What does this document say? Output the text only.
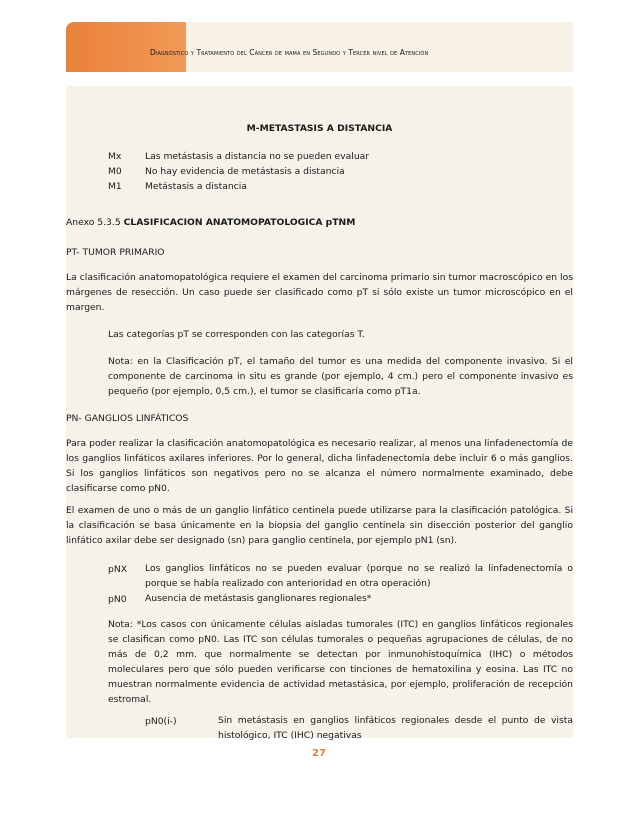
Diagnóstico y Tratamiento del Cáncer de mama en Segundo y Tercer nivel de Atención
M-METASTASIS A DISTANCIA
Mx	Las metástasis a distancia no se pueden evaluar
M0	No hay evidencia de metástasis a distancia
M1	Metástasis a distancia
Anexo 5.3.5 CLASIFICACION ANATOMOPATOLOGICA pTNM
PT- TUMOR PRIMARIO
La clasificación anatomopatológica requiere el examen del carcinoma primario sin tumor macroscópico en los márgenes de resección. Un caso puede ser clasificado como pT si sólo existe un tumor microscópico en el margen.
Las categorías pT se corresponden con las categorías T.
Nota: en la Clasificación pT, el tamaño del tumor es una medida del componente invasivo. Si el componente de carcinoma in situ es grande (por ejemplo, 4 cm.) pero el componente invasivo es pequeño (por ejemplo, 0,5 cm.), el tumor se clasificaría como pT1a.
PN- GANGLIOS LINFÁTICOS
Para poder realizar la clasificación anatomopatológica es necesario realizar, al menos una linfadenectomía de los ganglios linfáticos axilares inferiores. Por lo general, dicha linfadenectomía debe incluir 6 o más ganglios. Si los ganglios linfáticos son negativos pero no se alcanza el número normalmente examinado, debe clasificarse como pN0.
El examen de uno o más de un ganglio linfático centinela puede utilizarse para la clasificación patológica. Si la clasificación se basa únicamente en la biopsia del ganglio centinela sin disección posterior del ganglio linfático axilar debe ser designado (sn) para ganglio centinela, por ejemplo pN1 (sn).
pNX Los ganglios linfáticos no se pueden evaluar (porque no se realizó la linfadenectomía o porque se había realizado con anterioridad en otra operación)
pN0 Ausencia de metástasis ganglionares regionales*
Nota: *Los casos con únicamente células aisladas tumorales (ITC) en ganglios linfáticos regionales se clasifican como pN0. Las ITC son células tumorales o pequeñas agrupaciones de células, de no más de 0,2 mm. que normalmente se detectan por inmunohistoquímica (IHC) o métodos moleculares pero que sólo pueden verificarse con tinciones de hematoxilina y eosina. Las ITC no muestran normalmente evidencia de actividad metastásica, por ejemplo, proliferación de recepción estromal.
pN0(i-)	Sin metástasis en ganglios linfáticos regionales desde el punto de vista histológico, ITC (IHC) negativas
27
